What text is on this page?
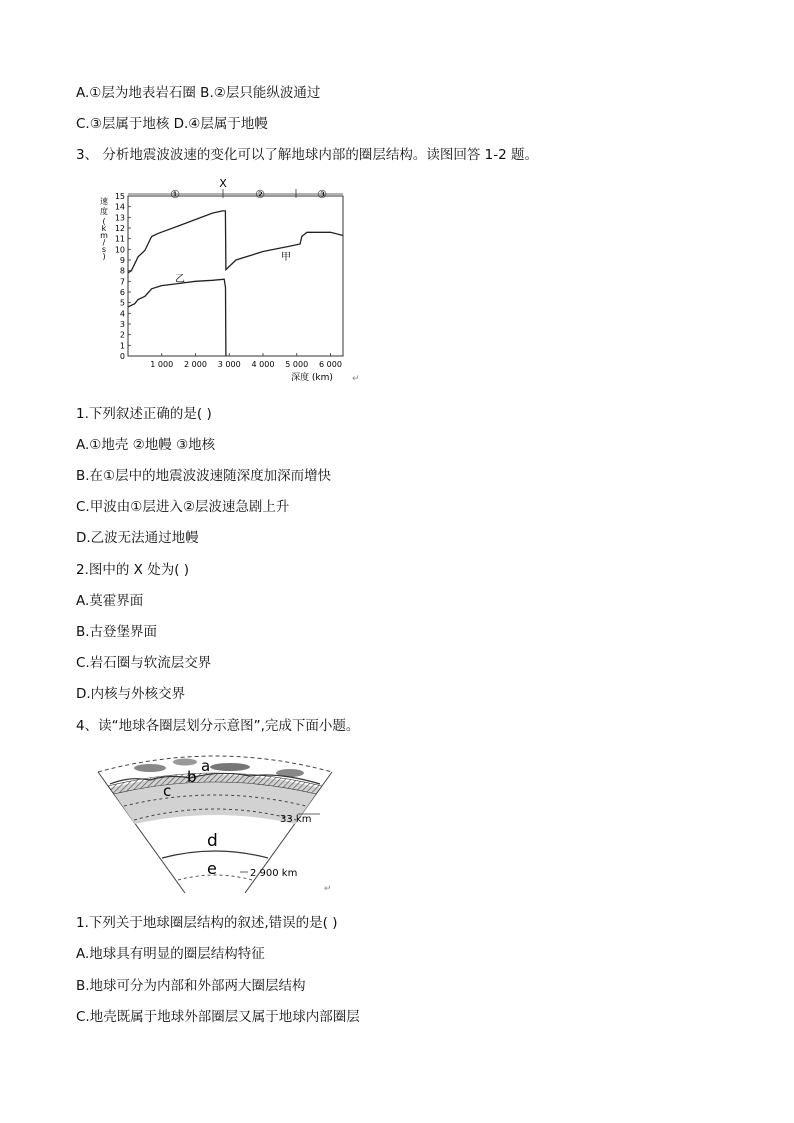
A.①层为地表岩石圈 B.②层只能纵波通过
C.③层属于地核 D.④层属于地幔
3、 分析地震波波速的变化可以了解地球内部的圈层结构。读图回答 1-2 题。
0
1
2
3
4
5
6
7
8
9
10
11
12
13
14
15
1 000 2 000 3 000 4 000 5 000 6 000
①
X
②	③
速
度
(
k
m
/
s
)
深度 (km)
甲
乙
↵
1.下列叙述正确的是( )
A.①地壳 ②地幔 ③地核
B.在①层中的地震波波速随深度加深而增快
C.甲波由①层进入②层波速急剧上升
D.乙波无法通过地幔
2.图中的 X 处为( )
A.莫霍界面
B.古登堡界面
C.岩石圈与软流层交界
D.内核与外核交界
4、读“地球各圈层划分示意图”,完成下面小题。
a
b
c
d
e
33 km
2 900 km
↵
1.下列关于地球圈层结构的叙述,错误的是( )
A.地球具有明显的圈层结构特征
B.地球可分为内部和外部两大圈层结构
C.地壳既属于地球外部圈层又属于地球内部圈层
